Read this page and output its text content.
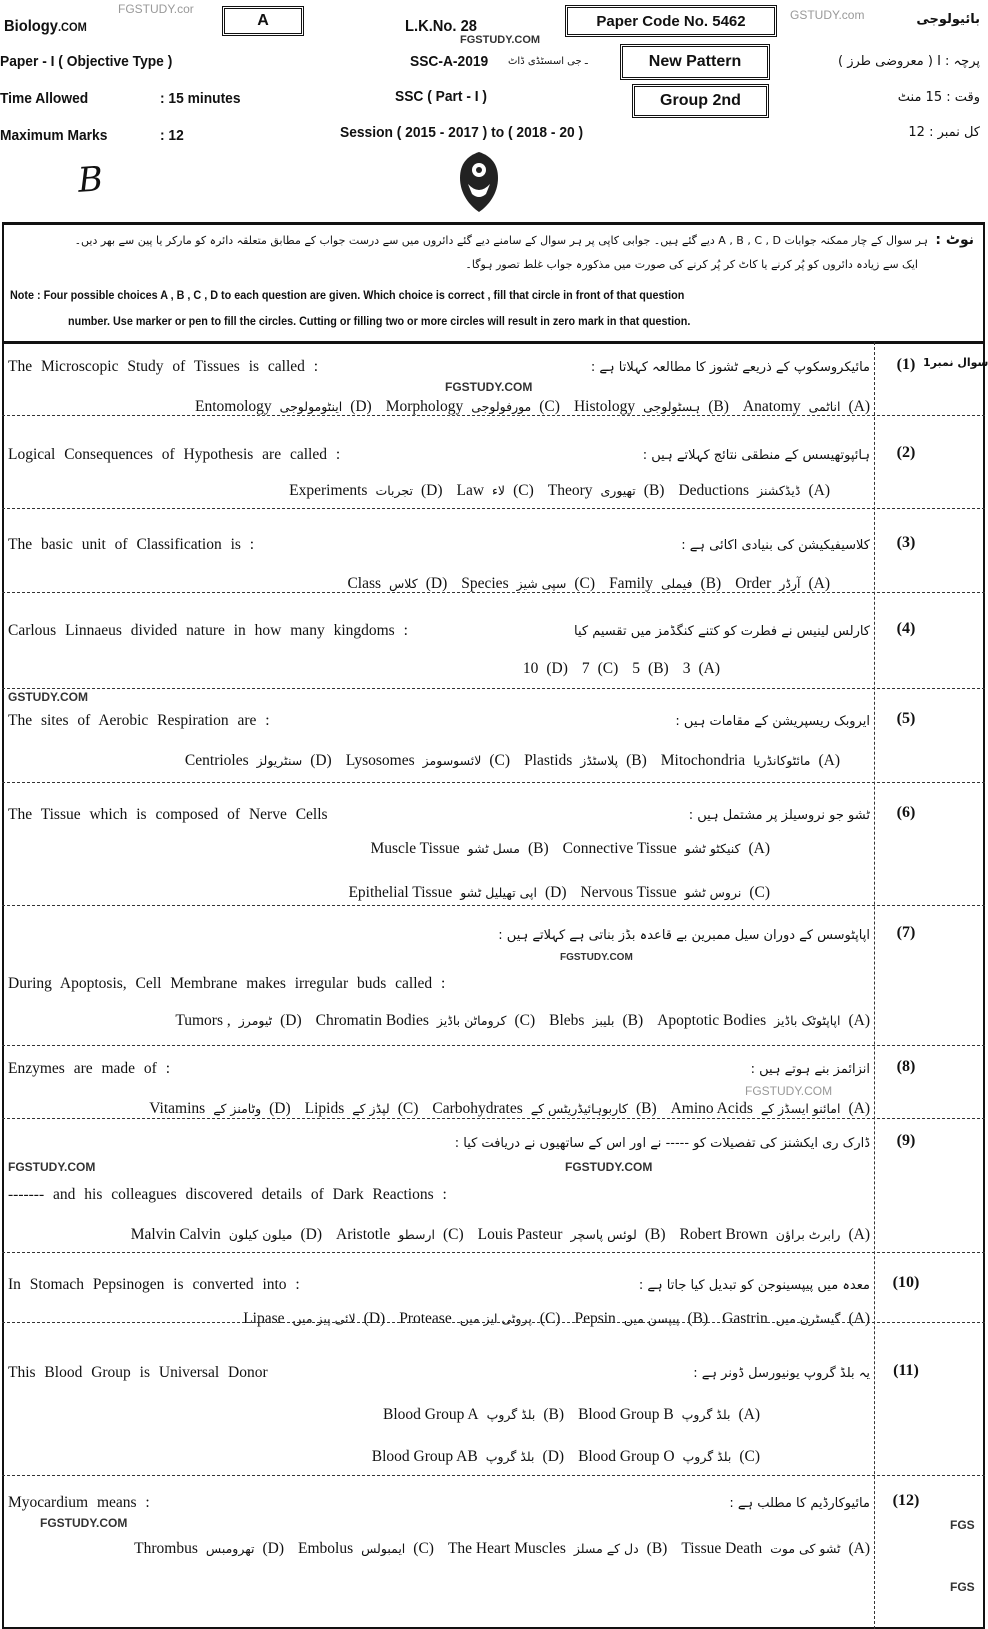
Biology.COM	A	L.K.No. 28	Paper Code No. 5462
Paper - I ( Objective Type )	SSC-A-2019 ـ جی اسسٹڈی ڈاٹ	New Pattern
Time Allowed	: 15 minutes	SSC ( Part - I )	Group 2nd
Maximum Marks	: 12	Session ( 2015 - 2017 ) to ( 2018 - 20 )
بائیولوجی
پرچہ : I ( معروضی طرز )
وقت : 15 منٹ
کل نمبر : 12
B
FGSTUDY.cor
FGSTUDY.COM
GSTUDY.com
FGSTUDY.COM
GSTUDY.COM
FGSTUDY.COM
FGSTUDY.COM
FGSTUDY.COM	FGSTUDY.COM
FGSTUDY.COM	FGS
FGS
نوٹ :
ہر سوال کے چار ممکنہ جوابات A , B , C , D دیے گئے ہیں۔ جوابی کاپی پر ہر سوال کے سامنے دیے گئے دائروں میں سے درست جواب کے مطابق متعلقہ دائرہ کو مارکر یا پین سے بھر دیں۔
ایک سے زیادہ دائروں کو پُر کرنے یا کاٹ کر پُر کرنے کی صورت میں مذکورہ جواب غلط تصور ہوگا۔
Note : Four possible choices A , B , C , D to each question are given. Which choice is correct , fill that circle in front of that question
number. Use marker or pen to fill the circles. Cutting or filling two or more circles will result in zero mark in that question.
سوال نمبر1
(1)
The Microscopic Study of Tissues is called :	مائیکروسکوپ کے ذریعے ٹشوز کا مطالعہ کہلاتا ہے :
Anatomy اناٹمی (A)
Histology ہسٹولوجی (B)
Morphology مورفولوجی (C)
Entomology اینٹومولوجی (D)
(2)
Logical Consequences of Hypothesis are called :	ہائپوتھیسس کے منطقی نتائج کہلاتے ہیں :
Deductions ڈیڈکشنز (A)
Theory تھیوری (B)
Law لاء (C)
Experiments تجربات (D)
(3)
The basic unit of Classification is :	کلاسیفیکیشن کی بنیادی اکائی ہے :
Order آرڈر (A)
Family فیملی (B)
Species سپی شیز (C)
Class کلاس (D)
(4)
Carlous Linnaeus divided nature in how many kingdoms :	کارلس لینیس نے فطرت کو کتنے کنگڈمز میں تقسیم کیا
3 (A)
5 (B)
7 (C)
10 (D)
(5)
The sites of Aerobic Respiration are :	ایروبک ریسپریشن کے مقامات ہیں :
Mitochondria مائٹوکانڈریا (A)
Plastids پلاسٹڈز (B)
Lysosomes لائسوسومز (C)
Centrioles سنٹریولز (D)
(6)
The Tissue which is composed of Nerve Cells	ٹشو جو نروسیلز پر مشتمل ہیں :
Connective Tissue کنیکٹو ٹشو (A)
Muscle Tissue مسل ٹشو (B)
Nervous Tissue نروس ٹشو (C)
Epithelial Tissue اپی تھیلیل ٹشو (D)
(7)
During Apoptosis, Cell Membrane makes irregular buds called :
اپاپٹوسس کے دوران سیل ممبرین بے قاعدہ بڈز بناتی ہے کہلاتے ہیں :
Apoptotic Bodies اپاپٹوٹک باڈیز (A)
Blebs بلیبز (B)
Chromatin Bodies کروماٹن باڈیز (C)
Tumors , ٹیومرز (D)
(8)
Enzymes are made of :	انزائمز بنے ہوتے ہیں :
Amino Acids امائنو ایسڈز کے (A)
Carbohydrates کاربوہائیڈریٹس کے (B)
Lipids لپڈز کے (C)
Vitamins وٹامنز کے (D)
(9)
------- and his colleagues discovered details of Dark Reactions :
ڈارک ری ایکشنز کی تفصیلات کو ----- نے اور اس کے ساتھیوں نے دریافت کیا :
Robert Brown رابرٹ براؤن (A)
Louis Pasteur لوئس پاسچر (B)
Aristotle ارسطو (C)
Malvin Calvin میلون کیلون (D)
(10)
In Stomach Pepsinogen is converted into :	معدہ میں پیپسینوجن کو تبدیل کیا جاتا ہے :
Gastrin گیسٹرن میں (A)
Pepsin پیپسن میں (B)
Protease پروٹی ایز میں (C)
Lipase لائی پیز میں (D)
(11)
This Blood Group is Universal Donor	یہ بلڈ گروپ یونیورسل ڈونر ہے :
Blood Group B بلڈ گروپ (A)
Blood Group A بلڈ گروپ (B)
Blood Group O بلڈ گروپ (C)
Blood Group AB بلڈ گروپ (D)
(12)
Myocardium means :	مائیوکارڈیم کا مطلب ہے :
Tissue Death ٹشو کی موت (A)
The Heart Muscles دل کے مسلز (B)
Embolus ایمبولس (C)
Thrombus تھرومبس (D)
